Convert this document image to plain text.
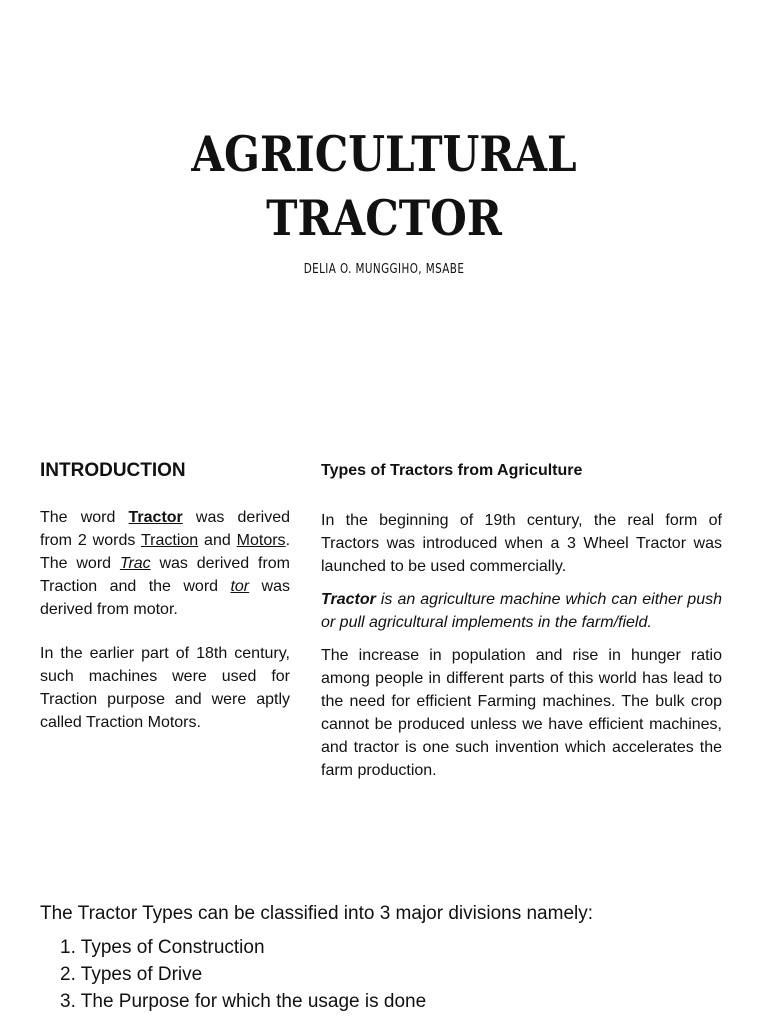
AGRICULTURAL
TRACTOR
DELIA O. MUNGGIHO, MSABE
INTRODUCTION

The word Tractor was derived from 2 words Traction and Motors. The word Trac was derived from Traction and the word tor was derived from motor.

In the earlier part of 18th century, such machines were used for Traction purpose and were aptly called Traction Motors.

Types of Tractors from Agriculture

In the beginning of 19th century, the real form of Tractors was introduced when a 3 Wheel Tractor was launched to be used commercially.

Tractor is an agriculture machine which can either push or pull agricultural implements in the farm/field.

The increase in population and rise in hunger ratio among people in different parts of this world has lead to the need for efficient Farming machines. The bulk crop cannot be produced unless we have efficient machines, and tractor is one such invention which accelerates the farm production.

The Tractor Types can be classified into 3 major divisions namely:
1. Types of Construction
2. Types of Drive
3. The Purpose for which the usage is done
